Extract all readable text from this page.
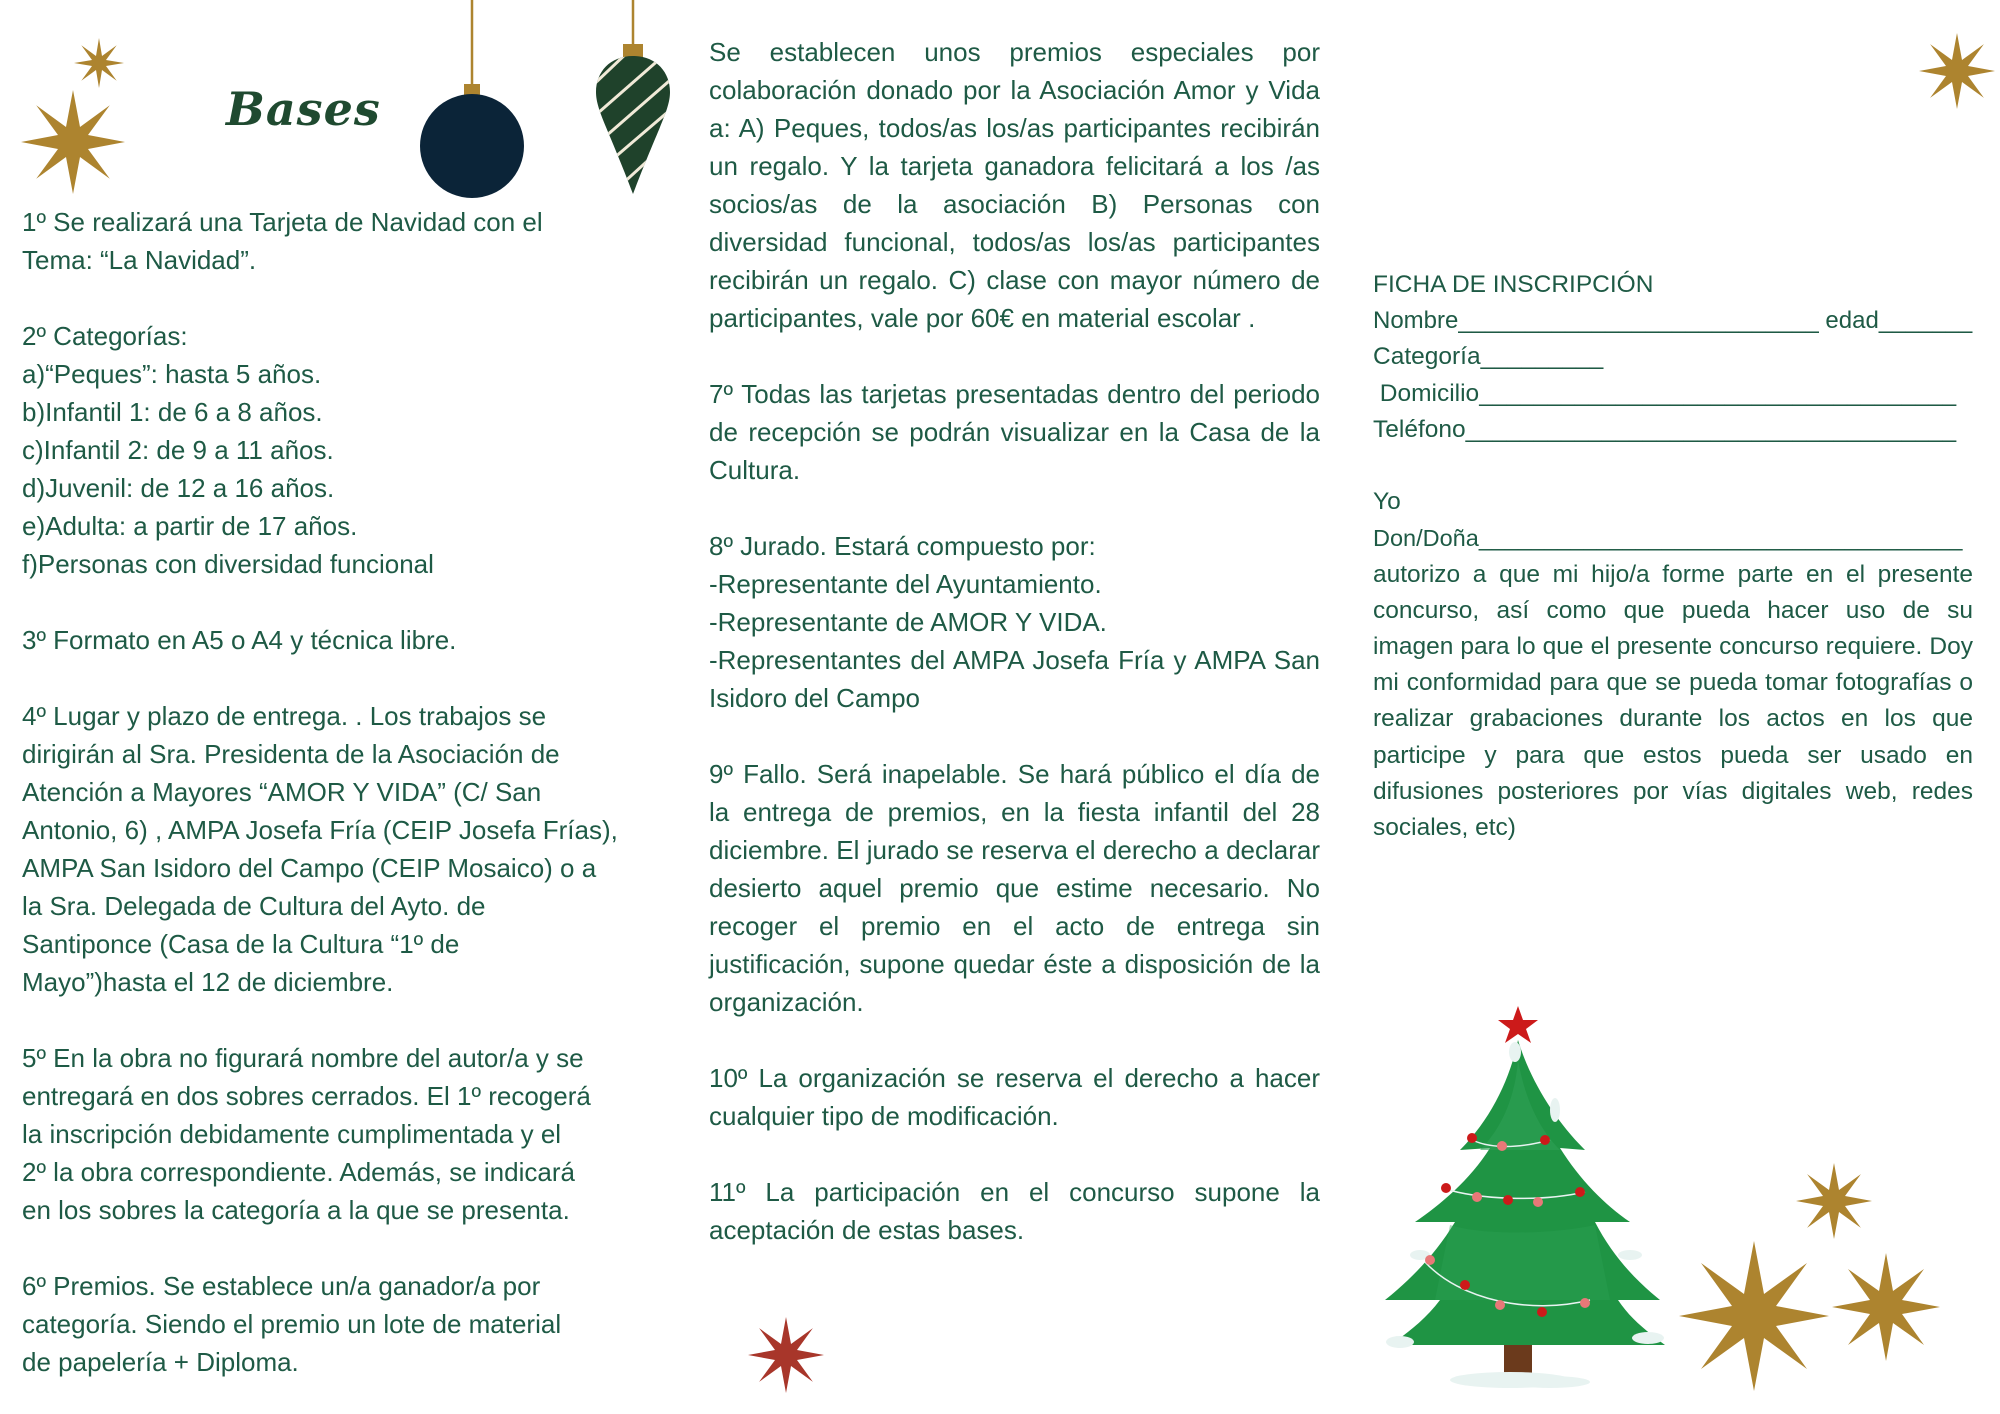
Bases

1º Se realizará una Tarjeta de Navidad con el

Tema: “La Navidad”.

2º Categorías:

a)“Peques”: hasta 5 años.

b)Infantil 1: de 6 a 8 años.

c)Infantil 2: de 9 a 11 años.

d)Juvenil: de 12 a 16 años.

e)Adulta: a partir de 17 años.

f)Personas con diversidad funcional

3º Formato en A5 o A4 y técnica libre.

4º Lugar y plazo de entrega. . Los trabajos se

dirigirán al Sra. Presidenta de la Asociación de

Atención a Mayores “AMOR Y VIDA” (C/ San

Antonio, 6) , AMPA Josefa Fría (CEIP Josefa Frías),

AMPA San Isidoro del Campo (CEIP Mosaico) o a

la Sra. Delegada de Cultura del Ayto. de

Santiponce (Casa de la Cultura “1º de

Mayo”)hasta el 12 de diciembre.

5º En la obra no figurará nombre del autor/a y se

entregará en dos sobres cerrados. El 1º recogerá

la inscripción debidamente cumplimentada y el

2º la obra correspondiente. Además, se indicará

en los sobres la categoría a la que se presenta.

6º Premios. Se establece un/a ganador/a por

categoría. Siendo el premio un lote de material

de papelería + Diploma.

Se establecen unos premios especiales por colaboración donado por la Asociación Amor y Vida a: A) Peques, todos/as los/as participantes recibirán un regalo. Y la tarjeta ganadora felicitará a los /as socios/as de la asociación B) Personas con diversidad funcional, todos/as los/as participantes recibirán un regalo. C) clase con mayor número de participantes, vale por 60€ en material escolar .

7º Todas las tarjetas presentadas dentro del periodo de recepción se podrán visualizar en la Casa de la Cultura.

8º Jurado. Estará compuesto por:

-Representante del Ayuntamiento.

-Representante de AMOR Y VIDA.

-Representantes del AMPA Josefa Fría y AMPA San Isidoro del Campo

9º Fallo. Será inapelable. Se hará público el día de la entrega de premios, en la fiesta infantil del 28 diciembre. El jurado se reserva el derecho a declarar desierto aquel premio que estime necesario. No recoger el premio en el acto de entrega sin justificación, supone quedar éste a disposición de la organización.

10º La organización se reserva el derecho a hacer cualquier tipo de modificación.

11º La participación en el concurso supone la aceptación de estas bases.

FICHA DE INSCRIPCIÓN

Nombre___________________________ edad_______

Categoría_________

Domicilio___________________________________

Teléfono____________________________________

Yo

Don/Doña_____________________________________

autorizo a que mi hijo/a forme parte en el presente concurso, así como que pueda hacer uso de su imagen para lo que el presente concurso requiere. Doy mi conformidad para que se pueda tomar fotografías o realizar grabaciones durante los actos en los que participe y para que estos pueda ser usado en difusiones posteriores por vías digitales web, redes sociales, etc)
